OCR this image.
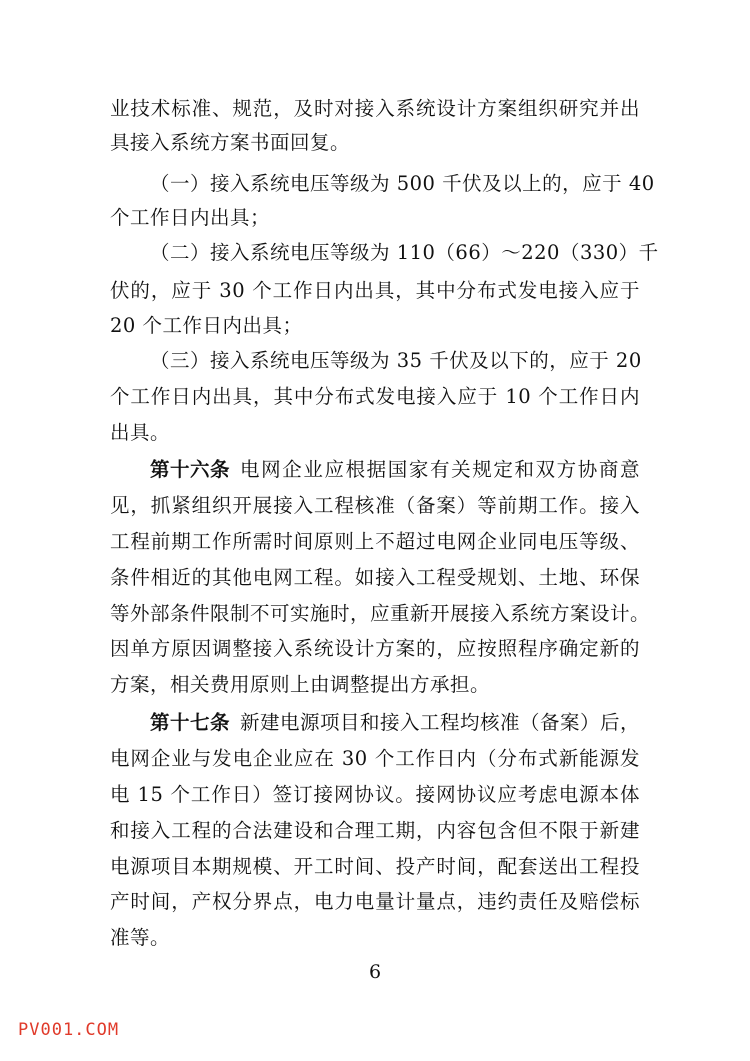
业技术标准、规范，及时对接入系统设计方案组织研究并出
具接入系统方案书面回复。
（一）接入系统电压等级为 500 千伏及以上的，应于 40
个工作日内出具；
（二）接入系统电压等级为 110（66）～220（330）千
伏的，应于 30 个工作日内出具，其中分布式发电接入应于
20 个工作日内出具；
（三）接入系统电压等级为 35 千伏及以下的，应于 20
个工作日内出具，其中分布式发电接入应于 10 个工作日内
出具。
第十六条 电网企业应根据国家有关规定和双方协商意
见，抓紧组织开展接入工程核准（备案）等前期工作。接入
工程前期工作所需时间原则上不超过电网企业同电压等级、
条件相近的其他电网工程。如接入工程受规划、土地、环保
等外部条件限制不可实施时，应重新开展接入系统方案设计。
因单方原因调整接入系统设计方案的，应按照程序确定新的
方案，相关费用原则上由调整提出方承担。
第十七条 新建电源项目和接入工程均核准（备案）后，
电网企业与发电企业应在 30 个工作日内（分布式新能源发
电 15 个工作日）签订接网协议。接网协议应考虑电源本体
和接入工程的合法建设和合理工期，内容包含但不限于新建
电源项目本期规模、开工时间、投产时间，配套送出工程投
产时间，产权分界点，电力电量计量点，违约责任及赔偿标
准等。
6
PV001.COM
